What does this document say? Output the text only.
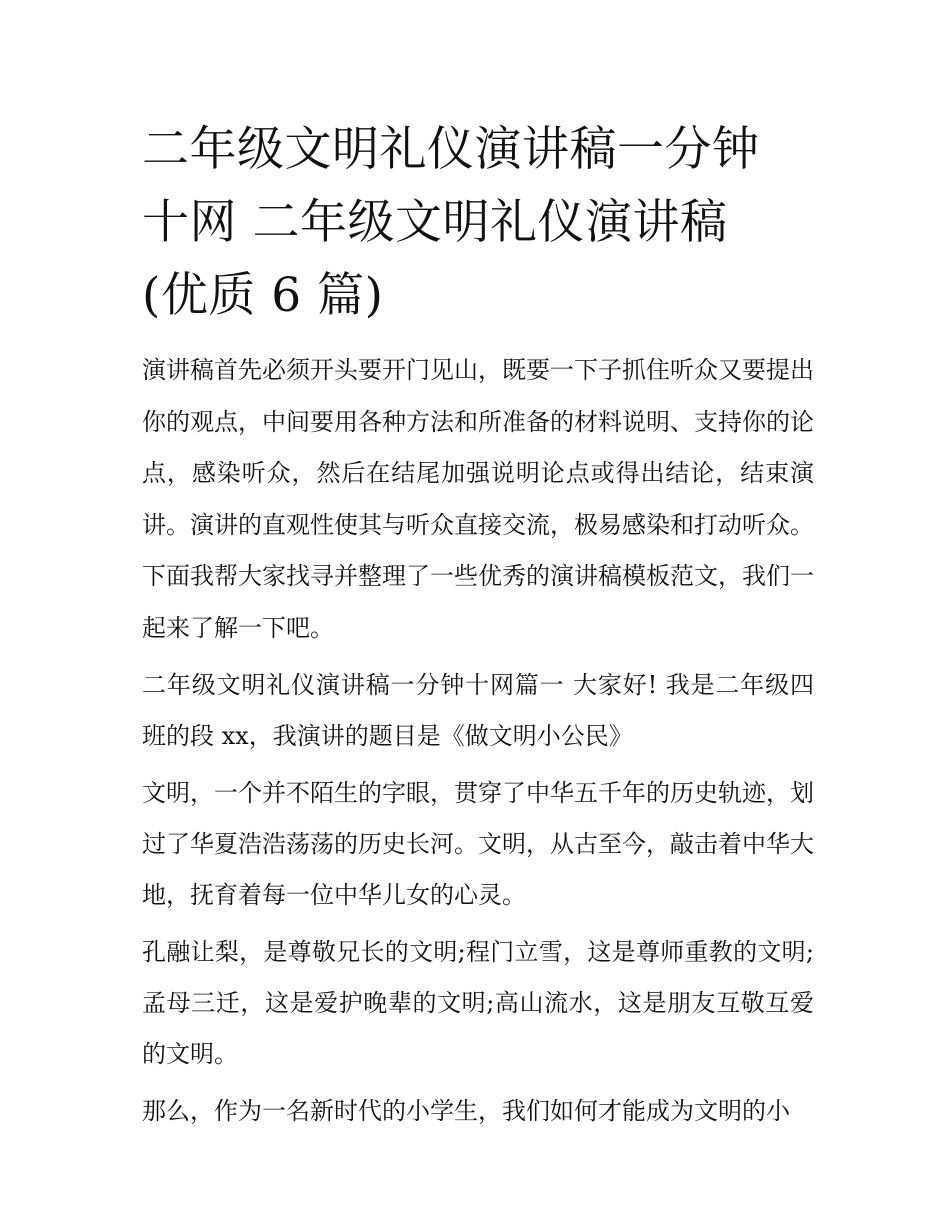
二年级文明礼仪演讲稿一分钟
十网 二年级文明礼仪演讲稿
(优质 6 篇)

演讲稿首先必须开头要开门见山，既要一下子抓住听众又要提出你的观点，中间要用各种方法和所准备的材料说明、支持你的论点，感染听众，然后在结尾加强说明论点或得出结论，结束演讲。演讲的直观性使其与听众直接交流，极易感染和打动听众。下面我帮大家找寻并整理了一些优秀的演讲稿模板范文，我们一起来了解一下吧。

二年级文明礼仪演讲稿一分钟十网篇一 大家好! 我是二年级四班的段 xx，我演讲的题目是《做文明小公民》

文明，一个并不陌生的字眼，贯穿了中华五千年的历史轨迹，划过了华夏浩浩荡荡的历史长河。文明，从古至今，敲击着中华大地，抚育着每一位中华儿女的心灵。

孔融让梨，是尊敬兄长的文明;程门立雪，这是尊师重教的文明;孟母三迁，这是爱护晚辈的文明;高山流水，这是朋友互敬互爱的文明。

那么，作为一名新时代的小学生，我们如何才能成为文明的小
